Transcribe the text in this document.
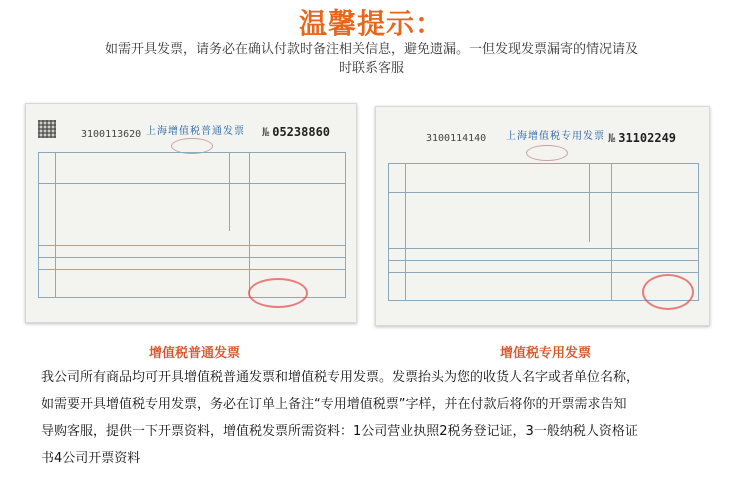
温馨提示：
如需开具发票，请务必在确认付款时备注相关信息，避免遗漏。一但发现发票漏寄的情况请及
时联系客服
3100113620 上海增值税普通发票 № 05238860
增值税普通发票
3100114140 上海增值税专用发票 № 31102249
增值税专用发票
我公司所有商品均可开具增值税普通发票和增值税专用发票。发票抬头为您的收货人名字或者单位名称，
如需要开具增值税专用发票，务必在订单上备注“专用增值税票”字样，并在付款后将你的开票需求告知
导购客服，提供一下开票资料，增值税发票所需资料：1公司营业执照2税务登记证，3一般纳税人资格证
书4公司开票资料
